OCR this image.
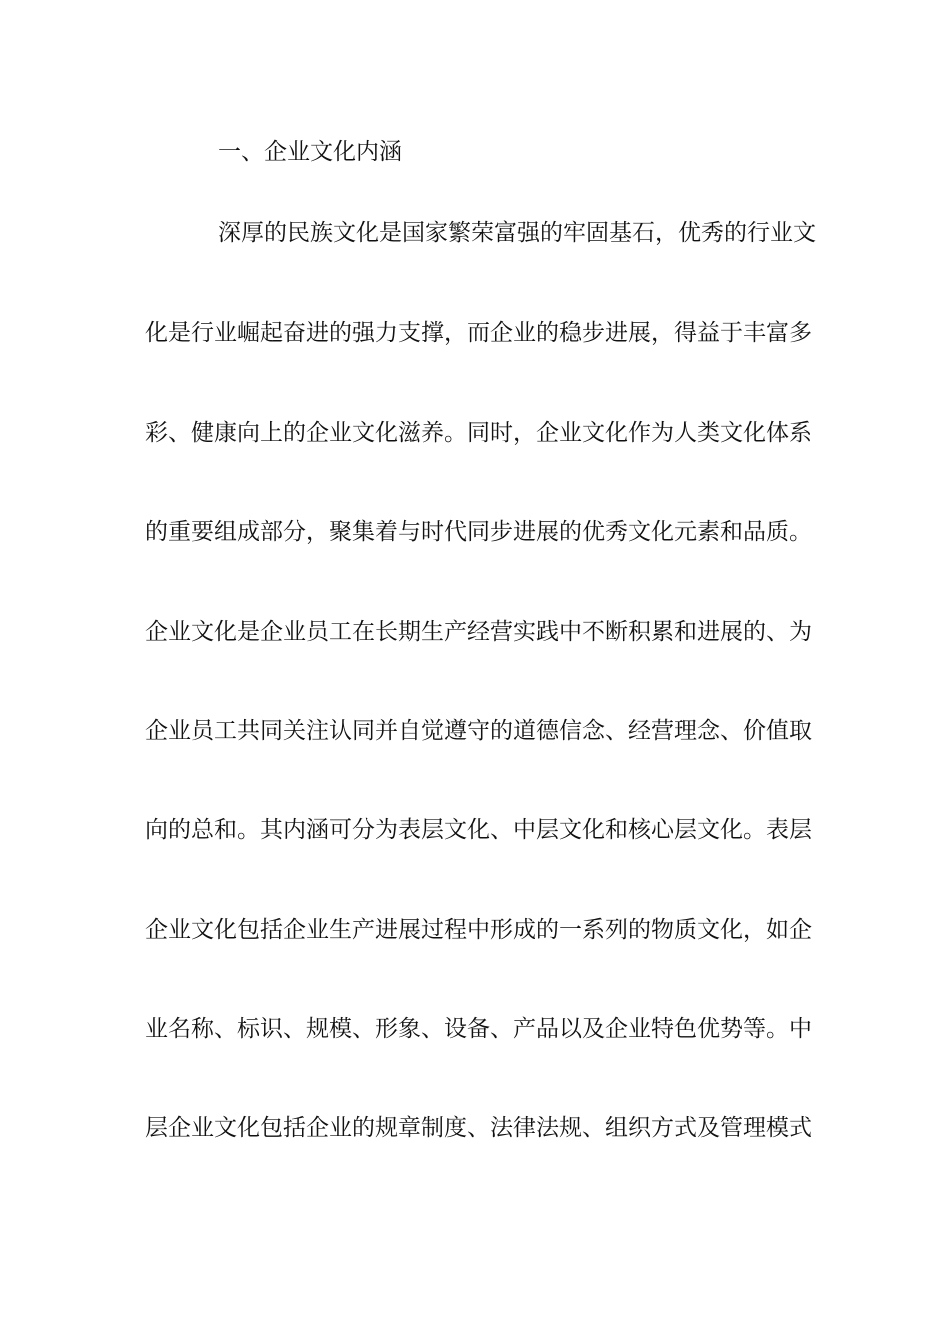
一、企业文化内涵
深厚的民族文化是国家繁荣富强的牢固基石，优秀的行业文
化是行业崛起奋进的强力支撑，而企业的稳步进展，得益于丰富多
彩、健康向上的企业文化滋养。同时，企业文化作为人类文化体系
的重要组成部分，聚集着与时代同步进展的优秀文化元素和品质。
企业文化是企业员工在长期生产经营实践中不断积累和进展的、为
企业员工共同关注认同并自觉遵守的道德信念、经营理念、价值取
向的总和。其内涵可分为表层文化、中层文化和核心层文化。表层
企业文化包括企业生产进展过程中形成的一系列的物质文化，如企
业名称、标识、规模、形象、设备、产品以及企业特色优势等。中
层企业文化包括企业的规章制度、法律法规、组织方式及管理模式
